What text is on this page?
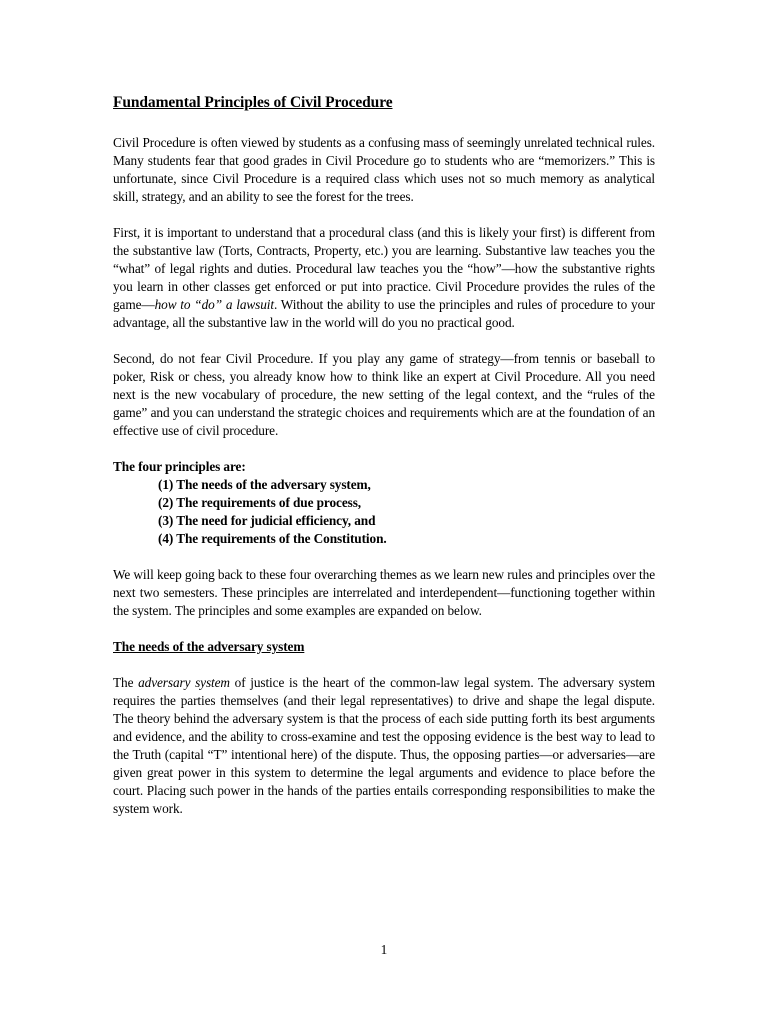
Fundamental Principles of Civil Procedure

Civil Procedure is often viewed by students as a confusing mass of seemingly unrelated technical rules. Many students fear that good grades in Civil Procedure go to students who are “memorizers.” This is unfortunate, since Civil Procedure is a required class which uses not so much memory as analytical skill, strategy, and an ability to see the forest for the trees.

First, it is important to understand that a procedural class (and this is likely your first) is different from the substantive law (Torts, Contracts, Property, etc.) you are learning. Substantive law teaches you the “what” of legal rights and duties. Procedural law teaches you the “how”—how the substantive rights you learn in other classes get enforced or put into practice. Civil Procedure provides the rules of the game—how to “do” a lawsuit. Without the ability to use the principles and rules of procedure to your advantage, all the substantive law in the world will do you no practical good.

Second, do not fear Civil Procedure. If you play any game of strategy—from tennis or baseball to poker, Risk or chess, you already know how to think like an expert at Civil Procedure. All you need next is the new vocabulary of procedure, the new setting of the legal context, and the “rules of the game” and you can understand the strategic choices and requirements which are at the foundation of an effective use of civil procedure.

The four principles are:
(1) The needs of the adversary system,
(2) The requirements of due process,
(3) The need for judicial efficiency, and
(4) The requirements of the Constitution.

We will keep going back to these four overarching themes as we learn new rules and principles over the next two semesters. These principles are interrelated and interdependent—functioning together within the system. The principles and some examples are expanded on below.

The needs of the adversary system

The adversary system of justice is the heart of the common-law legal system. The adversary system requires the parties themselves (and their legal representatives) to drive and shape the legal dispute. The theory behind the adversary system is that the process of each side putting forth its best arguments and evidence, and the ability to cross-examine and test the opposing evidence is the best way to lead to the Truth (capital “T” intentional here) of the dispute. Thus, the opposing parties—or adversaries—are given great power in this system to determine the legal arguments and evidence to place before the court. Placing such power in the hands of the parties entails corresponding responsibilities to make the system work.

1
